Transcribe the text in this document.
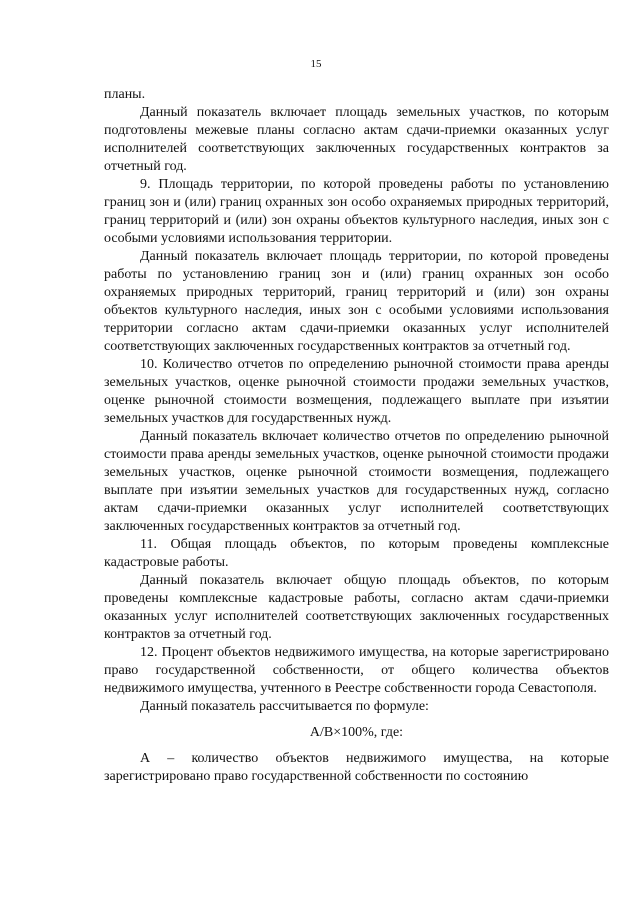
15

планы.

Данный показатель включает площадь земельных участков, по которым подготовлены межевые планы согласно актам сдачи-приемки оказанных услуг исполнителей соответствующих заключенных государственных контрактов за отчетный год.

9. Площадь территории, по которой проведены работы по установлению границ зон и (или) границ охранных зон особо охраняемых природных территорий, границ территорий и (или) зон охраны объектов культурного наследия, иных зон с особыми условиями использования территории.

Данный показатель включает площадь территории, по которой проведены работы по установлению границ зон и (или) границ охранных зон особо охраняемых природных территорий, границ территорий и (или) зон охраны объектов культурного наследия, иных зон с особыми условиями использования территории согласно актам сдачи-приемки оказанных услуг исполнителей соответствующих заключенных государственных контрактов за отчетный год.

10. Количество отчетов по определению рыночной стоимости права аренды земельных участков, оценке рыночной стоимости продажи земельных участков, оценке рыночной стоимости возмещения, подлежащего выплате при изъятии земельных участков для государственных нужд.

Данный показатель включает количество отчетов по определению рыночной стоимости права аренды земельных участков, оценке рыночной стоимости продажи земельных участков, оценке рыночной стоимости возмещения, подлежащего выплате при изъятии земельных участков для государственных нужд, согласно актам сдачи-приемки оказанных услуг исполнителей соответствующих заключенных государственных контрактов за отчетный год.

11. Общая площадь объектов, по которым проведены комплексные кадастровые работы.

Данный показатель включает общую площадь объектов, по которым проведены комплексные кадастровые работы, согласно актам сдачи-приемки оказанных услуг исполнителей соответствующих заключенных государственных контрактов за отчетный год.

12. Процент объектов недвижимого имущества, на которые зарегистрировано право государственной собственности, от общего количества объектов недвижимого имущества, учтенного в Реестре собственности города Севастополя.

Данный показатель рассчитывается по формуле:

А/В×100%, где:

А – количество объектов недвижимого имущества, на которые зарегистрировано право государственной собственности по состоянию
